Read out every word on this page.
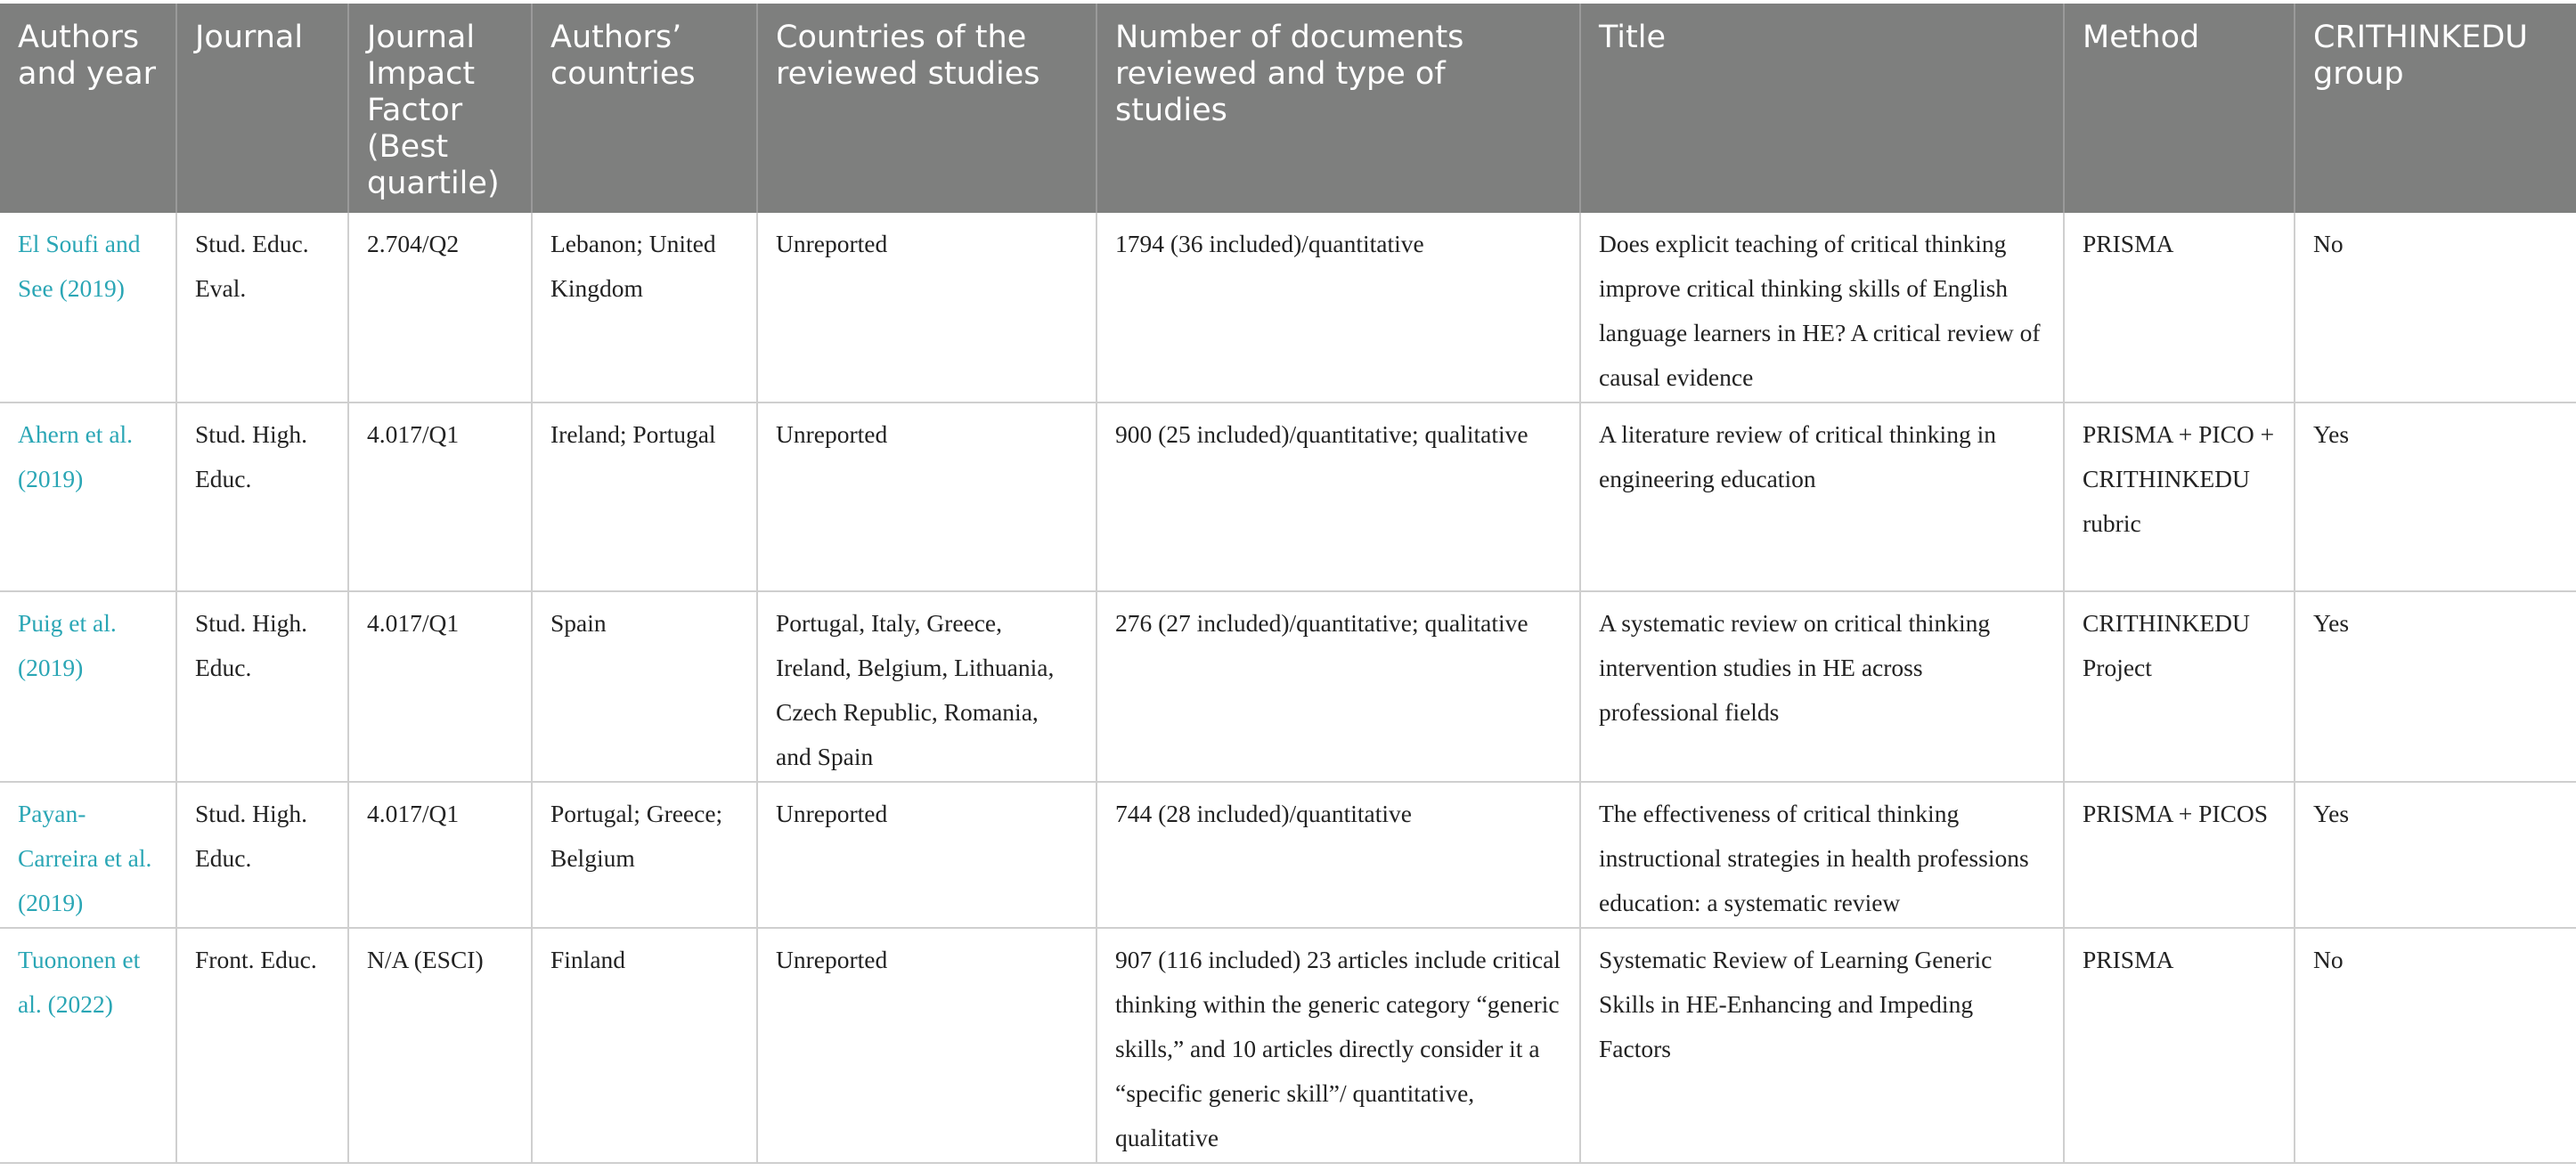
Authors and year	Journal	Journal Impact Factor (Best quartile)	Authors’ countries	Countries of the reviewed studies	Number of documents reviewed and type of studies	Title	Method	CRITHINKEDU group
El Soufi and See (2019)	Stud. Educ. Eval.	2.704/Q2	Lebanon; United Kingdom	Unreported	1794 (36 included)/quantitative	Does explicit teaching of critical thinking improve critical thinking skills of English language learners in HE? A critical review of causal evidence	PRISMA	No
Ahern et al. (2019)	Stud. High. Educ.	4.017/Q1	Ireland; Portugal	Unreported	900 (25 included)/quantitative; qualitative	A literature review of critical thinking in engineering education	PRISMA + PICO + CRITHINKEDU rubric	Yes
Puig et al. (2019)	Stud. High. Educ.	4.017/Q1	Spain	Portugal, Italy, Greece, Ireland, Belgium, Lithuania, Czech Republic, Romania, and Spain	276 (27 included)/quantitative; qualitative	A systematic review on critical thinking intervention studies in HE across professional fields	CRITHINKEDU Project	Yes
Payan-Carreira et al. (2019)	Stud. High. Educ.	4.017/Q1	Portugal; Greece; Belgium	Unreported	744 (28 included)/quantitative	The effectiveness of critical thinking instructional strategies in health professions education: a systematic review	PRISMA + PICOS	Yes
Tuononen et al. (2022)	Front. Educ.	N/A (ESCI)	Finland	Unreported	907 (116 included) 23 articles include critical thinking within the generic category “generic skills,” and 10 articles directly consider it a “specific generic skill”/ quantitative, qualitative	Systematic Review of Learning Generic Skills in HE-Enhancing and Impeding Factors	PRISMA	No
